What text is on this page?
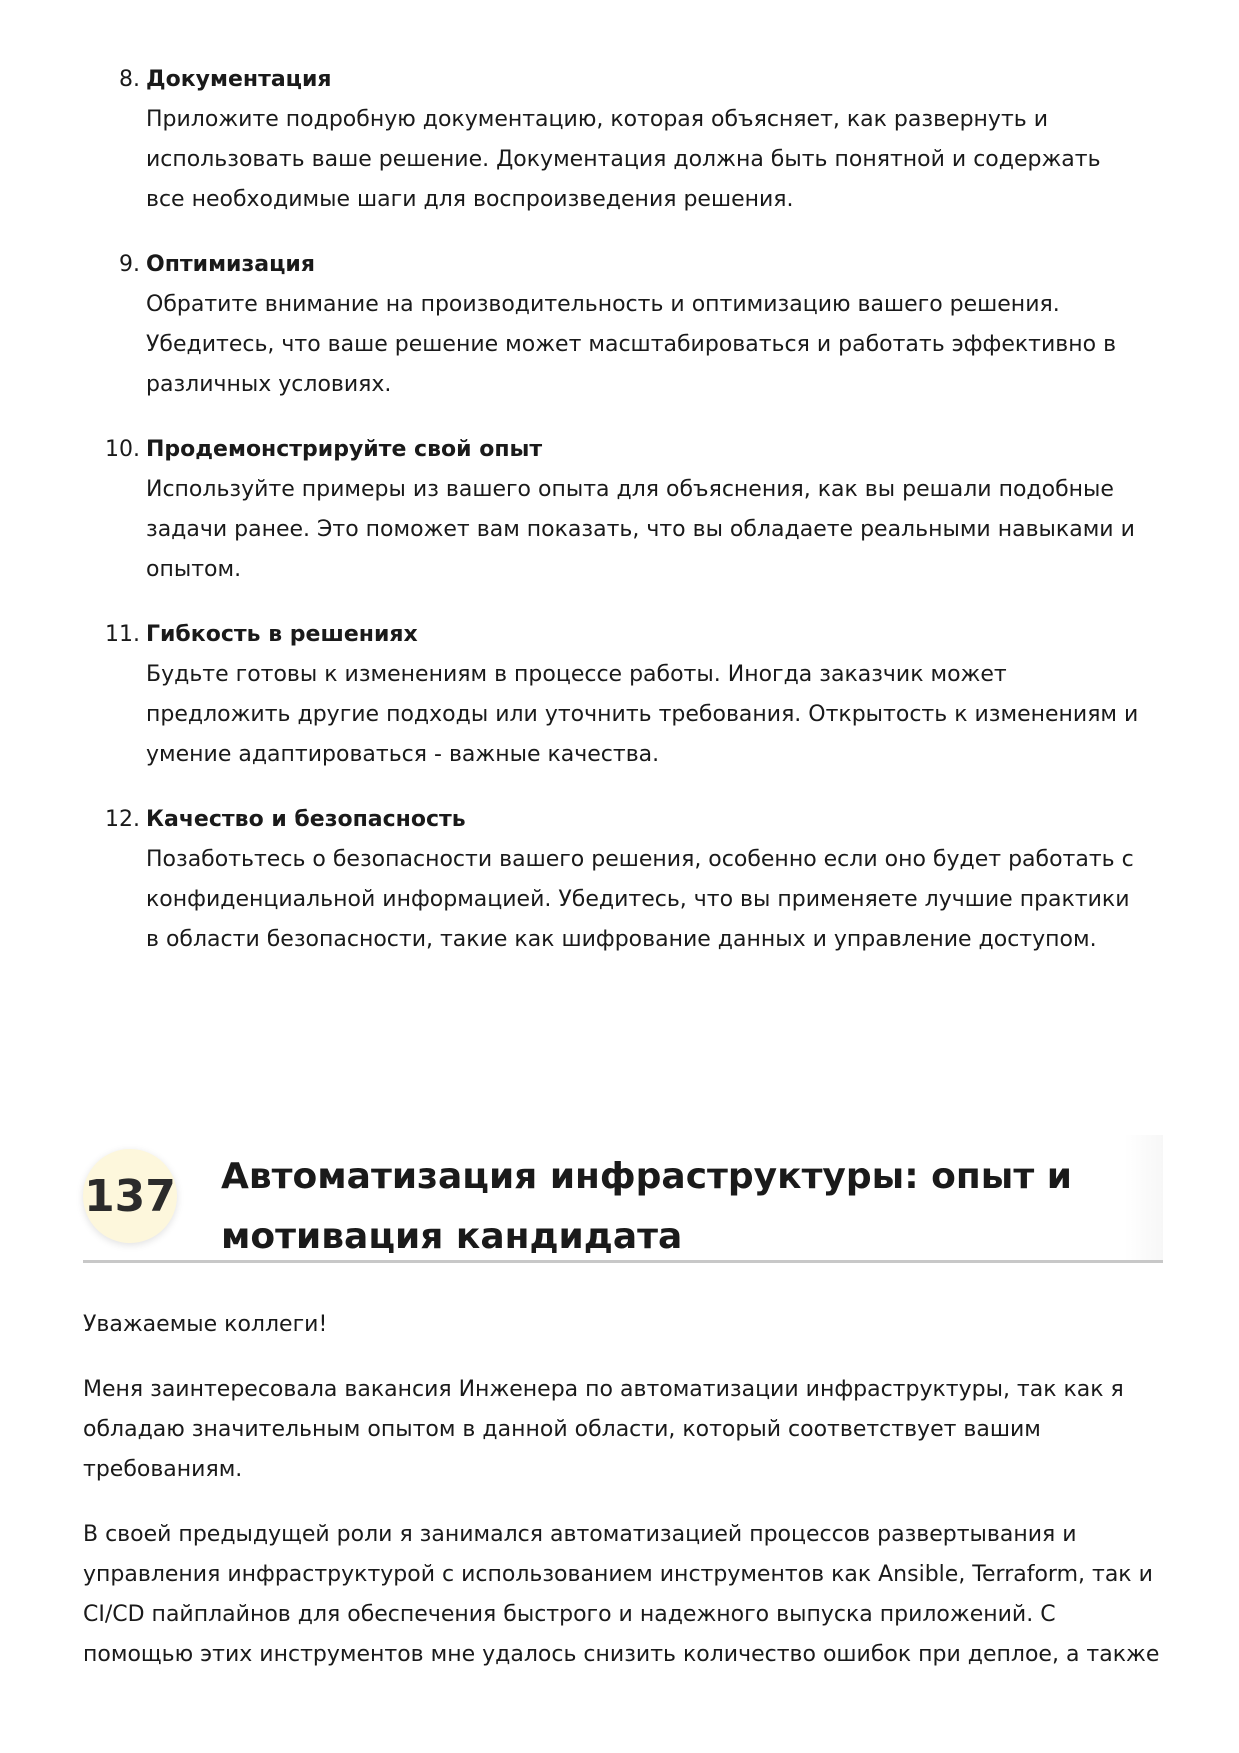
8. Документация
Приложите подробную документацию, которая объясняет, как развернуть и использовать ваше решение. Документация должна быть понятной и содержать все необходимые шаги для воспроизведения решения.
9. Оптимизация
Обратите внимание на производительность и оптимизацию вашего решения. Убедитесь, что ваше решение может масштабироваться и работать эффективно в различных условиях.
10. Продемонстрируйте свой опыт
Используйте примеры из вашего опыта для объяснения, как вы решали подобные задачи ранее. Это поможет вам показать, что вы обладаете реальными навыками и опытом.
11. Гибкость в решениях
Будьте готовы к изменениям в процессе работы. Иногда заказчик может предложить другие подходы или уточнить требования. Открытость к изменениям и умение адаптироваться - важные качества.
12. Качество и безопасность
Позаботьтесь о безопасности вашего решения, особенно если оно будет работать с конфиденциальной информацией. Убедитесь, что вы применяете лучшие практики в области безопасности, такие как шифрование данных и управление доступом.
137 Автоматизация инфраструктуры: опыт и мотивация кандидата

Уважаемые коллеги!

Меня заинтересовала вакансия Инженера по автоматизации инфраструктуры, так как я обладаю значительным опытом в данной области, который соответствует вашим требованиям.

В своей предыдущей роли я занимался автоматизацией процессов развертывания и управления инфраструктурой с использованием инструментов как Ansible, Terraform, так и CI/CD пайплайнов для обеспечения быстрого и надежного выпуска приложений. С помощью этих инструментов мне удалось снизить количество ошибок при деплое, а также
